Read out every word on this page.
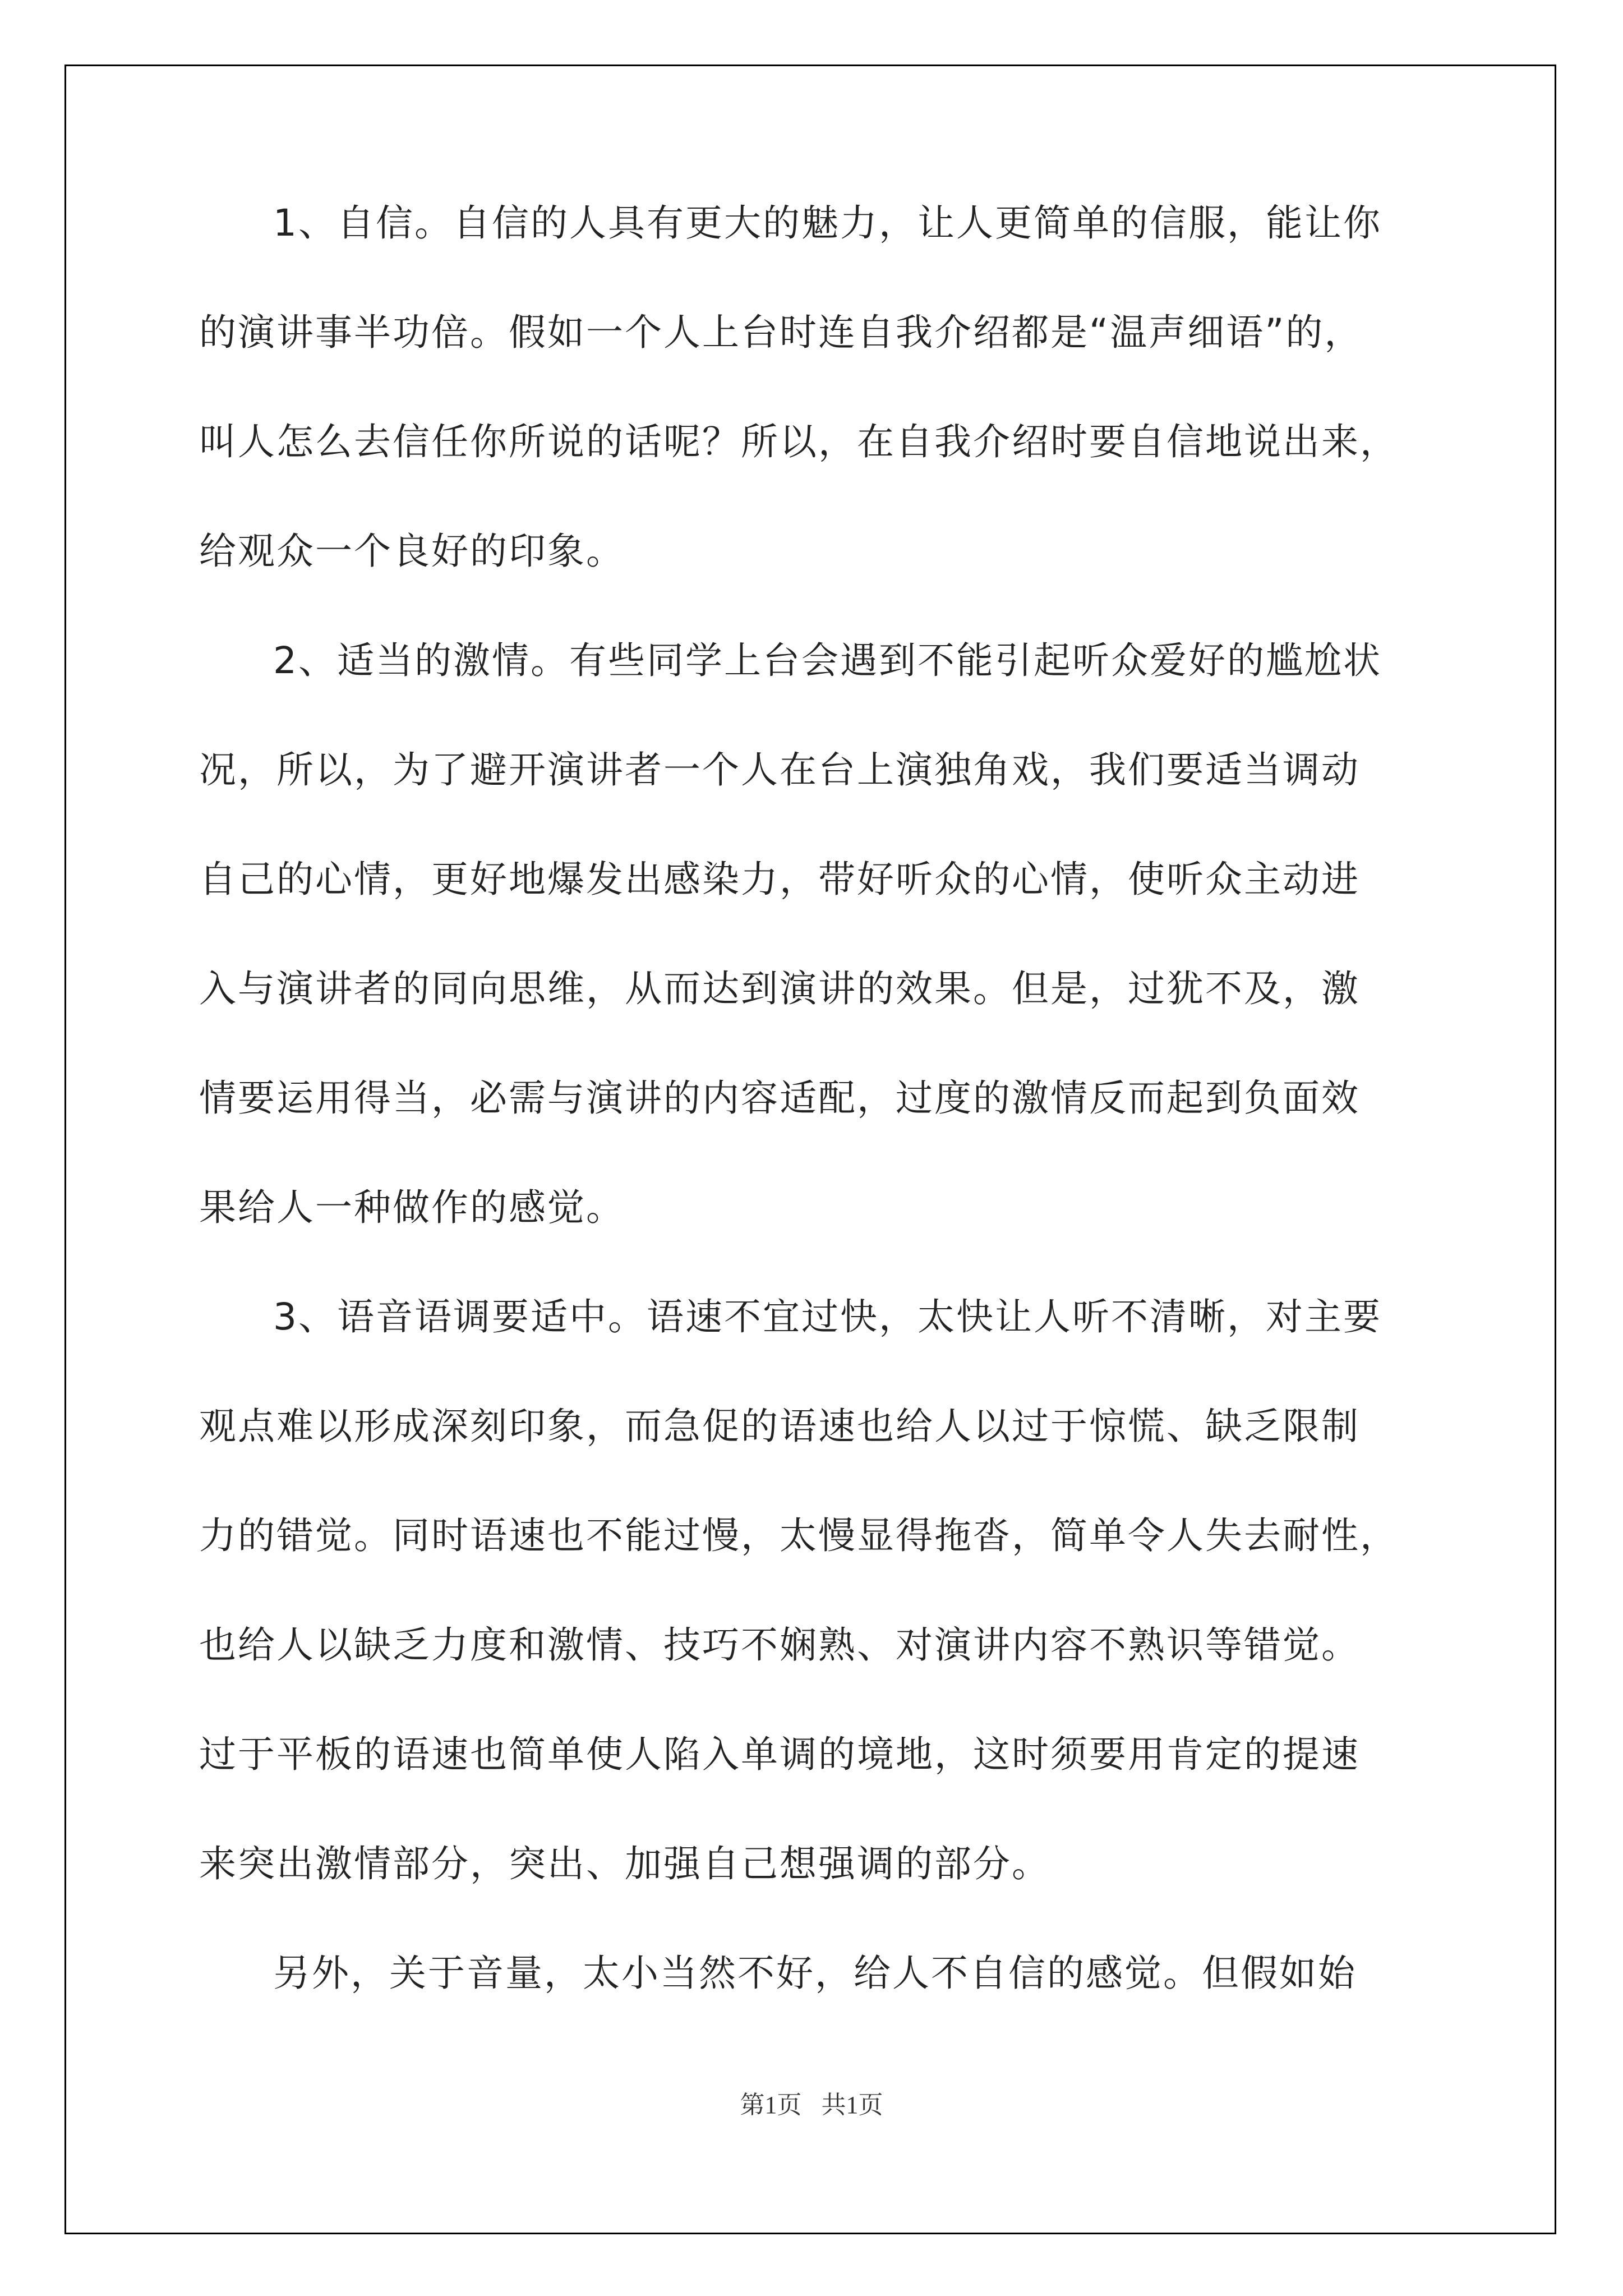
1、自信。自信的人具有更大的魅力，让人更简单的信服，能让你
的演讲事半功倍。假如一个人上台时连自我介绍都是“温声细语”的，
叫人怎么去信任你所说的话呢？所以，在自我介绍时要自信地说出来，
给观众一个良好的印象。
2、适当的激情。有些同学上台会遇到不能引起听众爱好的尴尬状
况，所以，为了避开演讲者一个人在台上演独角戏，我们要适当调动
自己的心情，更好地爆发出感染力，带好听众的心情，使听众主动进
入与演讲者的同向思维，从而达到演讲的效果。但是，过犹不及，激
情要运用得当，必需与演讲的内容适配，过度的激情反而起到负面效
果给人一种做作的感觉。
3、语音语调要适中。语速不宜过快，太快让人听不清晰，对主要
观点难以形成深刻印象，而急促的语速也给人以过于惊慌、缺乏限制
力的错觉。同时语速也不能过慢，太慢显得拖沓，简单令人失去耐性，
也给人以缺乏力度和激情、技巧不娴熟、对演讲内容不熟识等错觉。
过于平板的语速也简单使人陷入单调的境地，这时须要用肯定的提速
来突出激情部分，突出、加强自己想强调的部分。
另外，关于音量，太小当然不好，给人不自信的感觉。但假如始
第1页 共1页
